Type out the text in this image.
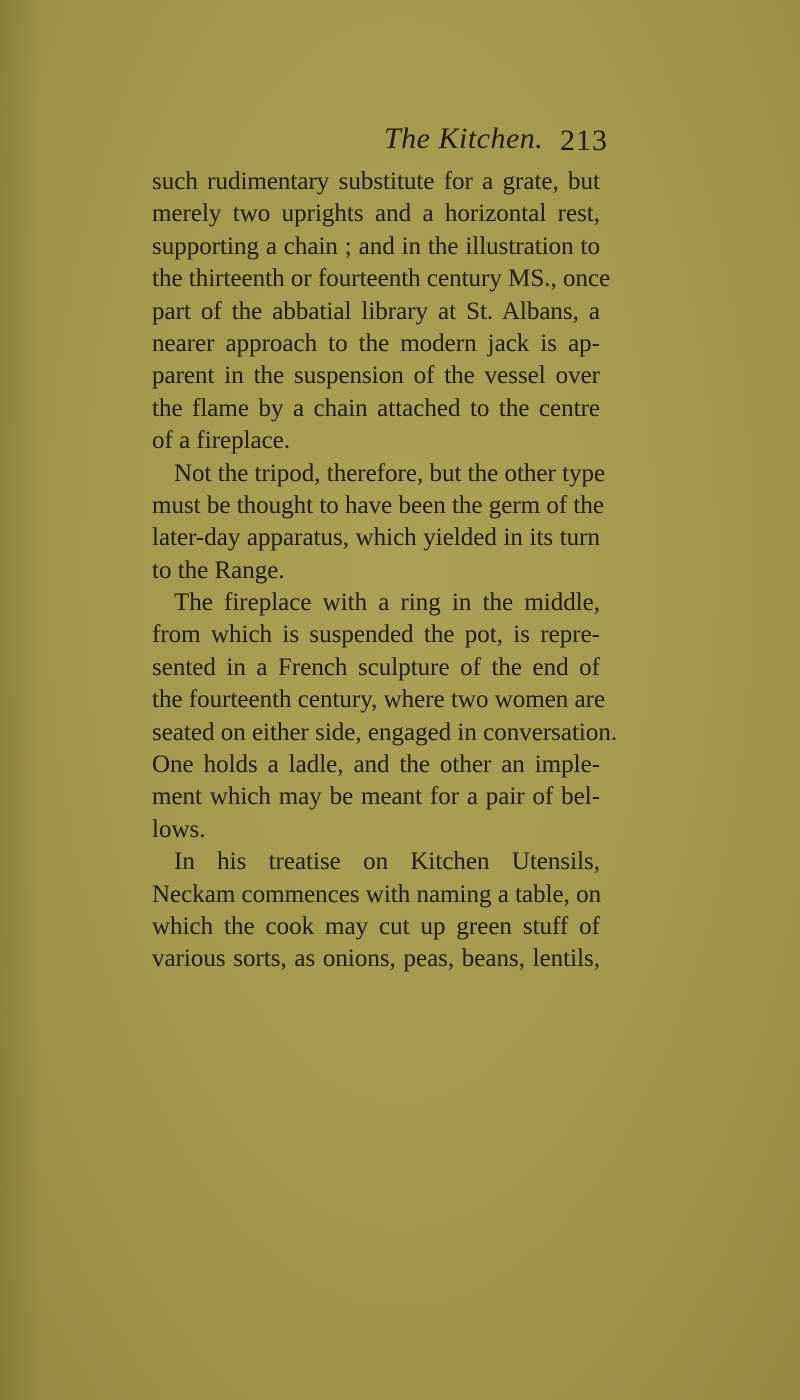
The Kitchen. 213
such rudimentary substitute for a grate, but
merely two uprights and a horizontal rest,
supporting a chain ; and in the illustration to
the thirteenth or fourteenth century MS., once
part of the abbatial library at St. Albans, a
nearer approach to the modern jack is ap-
parent in the suspension of the vessel over
the flame by a chain attached to the centre
of a fireplace.
Not the tripod, therefore, but the other type
must be thought to have been the germ of the
later-day apparatus, which yielded in its turn
to the Range.
The fireplace with a ring in the middle,
from which is suspended the pot, is repre-
sented in a French sculpture of the end of
the fourteenth century, where two women are
seated on either side, engaged in conversation.
One holds a ladle, and the other an imple-
ment which may be meant for a pair of bel-
lows.
In his treatise on Kitchen Utensils,
Neckam commences with naming a table, on
which the cook may cut up green stuff of
various sorts, as onions, peas, beans, lentils,
